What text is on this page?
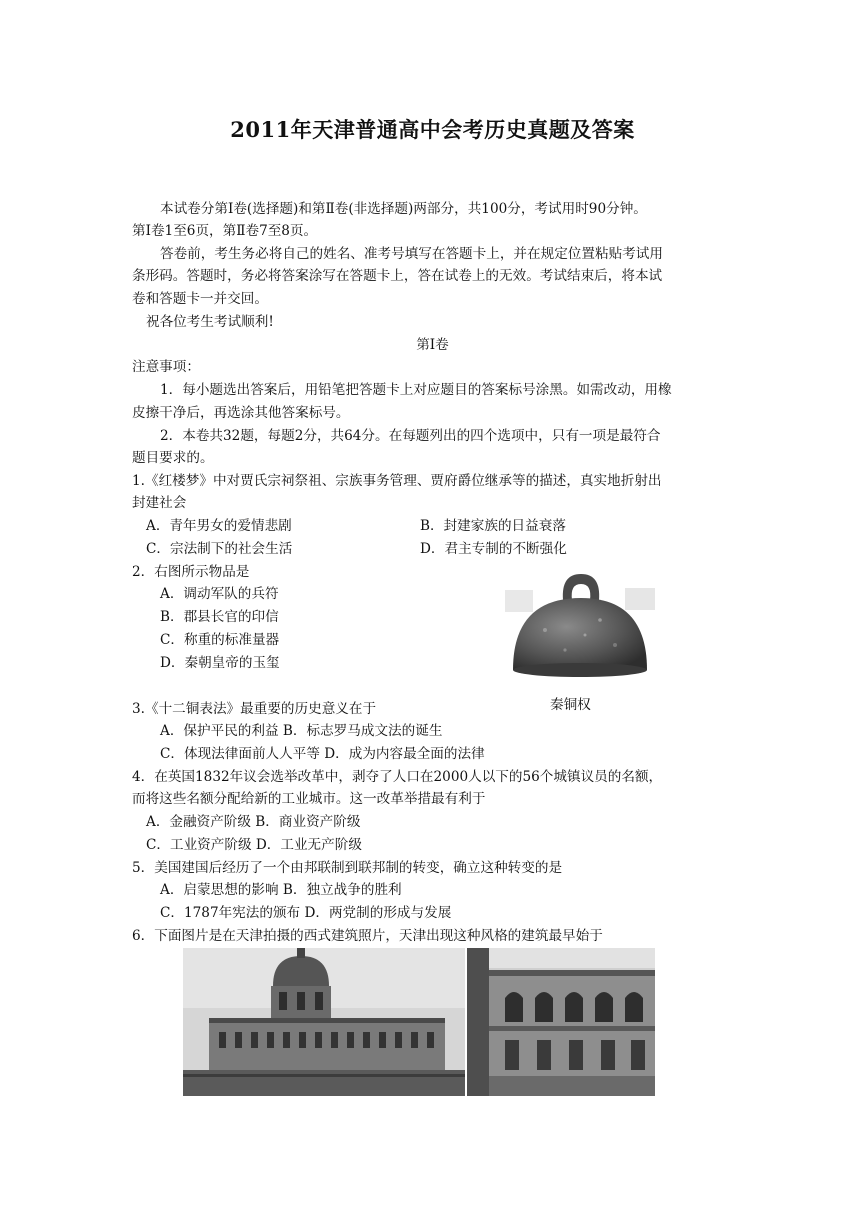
2011年天津普通高中会考历史真题及答案
本试卷分第Ⅰ卷(选择题)和第Ⅱ卷(非选择题)两部分，共100分，考试用时90分钟。
第Ⅰ卷1至6页，第Ⅱ卷7至8页。
答卷前，考生务必将自己的姓名、准考号填写在答题卡上，并在规定位置粘贴考试用
条形码。答题时，务必将答案涂写在答题卡上，答在试卷上的无效。考试结束后，将本试
卷和答题卡一并交回。
祝各位考生考试顺利!
第Ⅰ卷
注意事项：
1．每小题选出答案后，用铅笔把答题卡上对应题目的答案标号涂黑。如需改动，用橡
皮擦干净后，再选涂其他答案标号。
2．本卷共32题，每题2分，共64分。在每题列出的四个选项中，只有一项是最符合
题目要求的。
1.《红楼梦》中对贾氏宗祠祭祖、宗族事务管理、贾府爵位继承等的描述，真实地折射出
封建社会
A．青年男女的爱情悲剧	B．封建家族的日益衰落
C．宗法制下的社会生活	D．君主专制的不断强化
2．右图所示物品是
A．调动军队的兵符
B．郡县长官的印信
C．称重的标准量器
D．秦朝皇帝的玉玺
秦铜权
3.《十二铜表法》最重要的历史意义在于
A．保护平民的利益 B．标志罗马成文法的诞生
C．体现法律面前人人平等 D．成为内容最全面的法律
4．在英国1832年议会选举改革中，剥夺了人口在2000人以下的56个城镇议员的名额，
而将这些名额分配给新的工业城市。这一改革举措最有利于
A．金融资产阶级 B．商业资产阶级
C．工业资产阶级 D．工业无产阶级
5．美国建国后经历了一个由邦联制到联邦制的转变，确立这种转变的是
A．启蒙思想的影响 B．独立战争的胜利
C．1787年宪法的颁布 D．两党制的形成与发展
6．下面图片是在天津拍摄的西式建筑照片，天津出现这种风格的建筑最早始于
